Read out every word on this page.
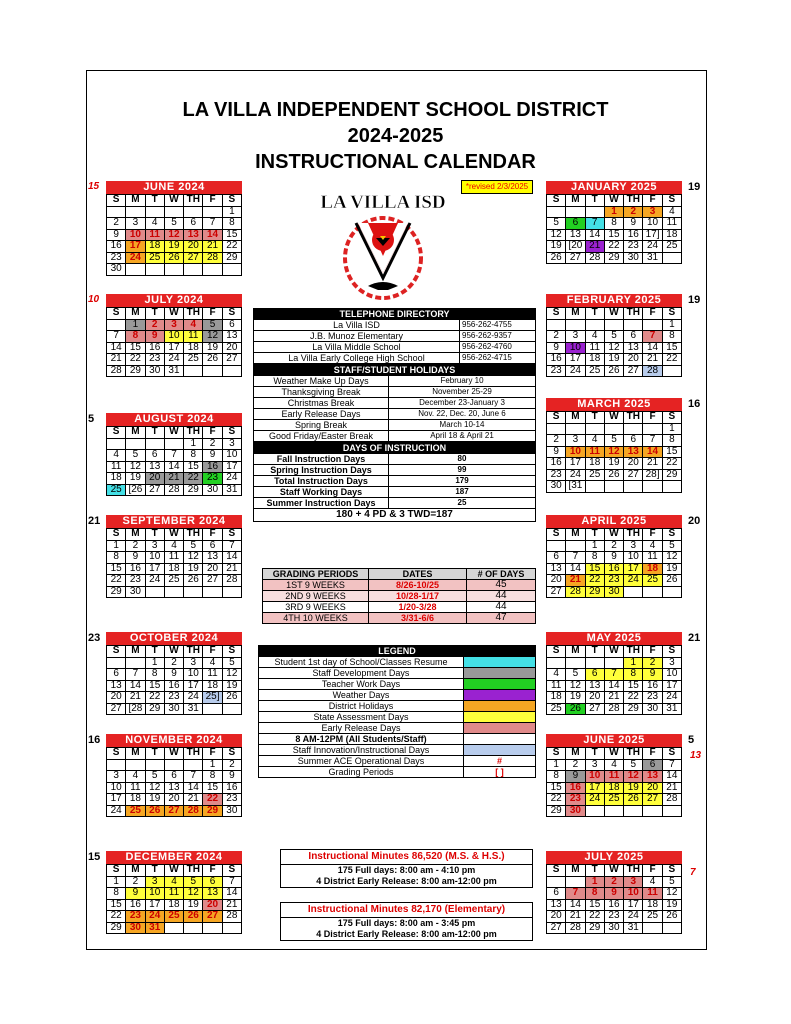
LA VILLA INDEPENDENT SCHOOL DISTRICT
2024-2025
INSTRUCTIONAL CALENDAR
*revised 2/3/2025
LA VILLA ISD
JUNE 2024
S	M	T	W	TH	F	S
						1
2	3	4	5	6	7	8
9	10	11	12	13	14	15
16	17	18	19	20	21	22
23	24	25	26	27	28	29
30						
15
JULY 2024
S	M	T	W	TH	F	S
	1	2	3	4	5	6
7	8	9	10	11	12	13
14	15	16	17	18	19	20
21	22	23	24	25	26	27
28	29	30	31			
10
AUGUST 2024
S	M	T	W	TH	F	S
				1	2	3
4	5	6	7	8	9	10
11	12	13	14	15	16	17
18	19	20	21	22	23	24
25	[26	27	28	29	30	31
5
SEPTEMBER 2024
S	M	T	W	TH	F	S
1	2	3	4	5	6	7
8	9	10	11	12	13	14
15	16	17	18	19	20	21
22	23	24	25	26	27	28
29	30					
21
OCTOBER 2024
S	M	T	W	TH	F	S
		1	2	3	4	5
6	7	8	9	10	11	12
13	14	15	16	17	18	19
20	21	22	23	24	25]	26
27	[28	29	30	31		
23
NOVEMBER 2024
S	M	T	W	TH	F	S
					1	2
3	4	5	6	7	8	9
10	11	12	13	14	15	16
17	18	19	20	21	22	23
24	25	26	27	28	29	30
16
DECEMBER 2024
S	M	T	W	TH	F	S
1	2	3	4	5	6	7
8	9	10	11	12	13	14
15	16	17	18	19	20	21
22	23	24	25	26	27	28
29	30	31				
15
JANUARY 2025
S	M	T	W	TH	F	S
			1	2	3	4
5	6	7	8	9	10	11
12	13	14	15	16	17]	18
19	[20	21	22	23	24	25
26	27	28	29	30	31	
19
FEBRUARY 2025
S	M	T	W	TH	F	S
						1
2	3	4	5	6	7	8
9	10	11	12	13	14	15
16	17	18	19	20	21	22
23	24	25	26	27	28	
19
MARCH 2025
S	M	T	W	TH	F	S
						1
2	3	4	5	6	7	8
9	10	11	12	13	14	15
16	17	18	19	20	21	22
23	24	25	26	27	28]	29
30	[31					
16
APRIL 2025
S	M	T	W	TH	F	S
		1	2	3	4	5
6	7	8	9	10	11	12
13	14	15	16	17	18	19
20	21	22	23	24	25	26
27	28	29	30			
20
MAY 2025
S	M	T	W	TH	F	S
				1	2	3
4	5	6	7	8	9	10
11	12	13	14	15	16	17
18	19	20	21	22	23	24
25	26	27	28	29	30	31
21
JUNE 2025
S	M	T	W	TH	F	S
1	2	3	4	5	6	7
8	9	10	11	12	13	14
15	16	17	18	19	20	21
22	23	24	25	26	27	28
29	30					
5
13
JULY 2025
S	M	T	W	TH	F	S
		1	2	3	4	5
6	7	8	9	10	11	12
13	14	15	16	17	18	19
20	21	22	23	24	25	26
27	28	29	30	31		
7
TELEPHONE DIRECTORY	
La Villa ISD	956-262-4755
J.B. Munoz Elementary	956-262-9357
La Villa Middle School	956-262-4760
La Villa Early College High School	956-262-4715
STAFF/STUDENT HOLIDAYS	
Weather Make Up Days	February 10
Thanksgiving Break	November 25-29
Christmas Break	December 23-January 3
Early Release Days	Nov. 22, Dec. 20, June 6
Spring Break	March 10-14
Good Friday/Easter Break	April 18 & April 21
DAYS OF INSTRUCTION	
Fall Instruction Days	80
Spring Instruction Days	99
Total Instruction Days	179
Staff Working Days	187
Summer Instruction Days	25
180 + 4 PD & 3 TWD=187	
GRADING PERIODS	DATES	# OF DAYS
1ST 9 WEEKS	8/26-10/25	45
2ND 9 WEEKS	10/28-1/17	44
3RD 9 WEEKS	1/20-3/28	44
4TH 10 WEEKS	3/31-6/6	47
LEGEND	
Student 1st day of School/Classes Resume	
Staff Development Days	
Teacher Work Days	
Weather Days	
District Holidays	
State Assessment Days	
Early Release Days	
8 AM-12PM (All Students/Staff)	
Staff Innovation/Instructional Days	
Summer ACE Operational Days	#
Grading Periods	[ ]
Instructional Minutes 86,520 (M.S. & H.S.)
175 Full days: 8:00 am - 4:10 pm
4 District Early Release: 8:00 am-12:00 pm
Instructional Minutes 82,170 (Elementary)
175 Full days: 8:00 am - 3:45 pm
4 District Early Release: 8:00 am-12:00 pm
